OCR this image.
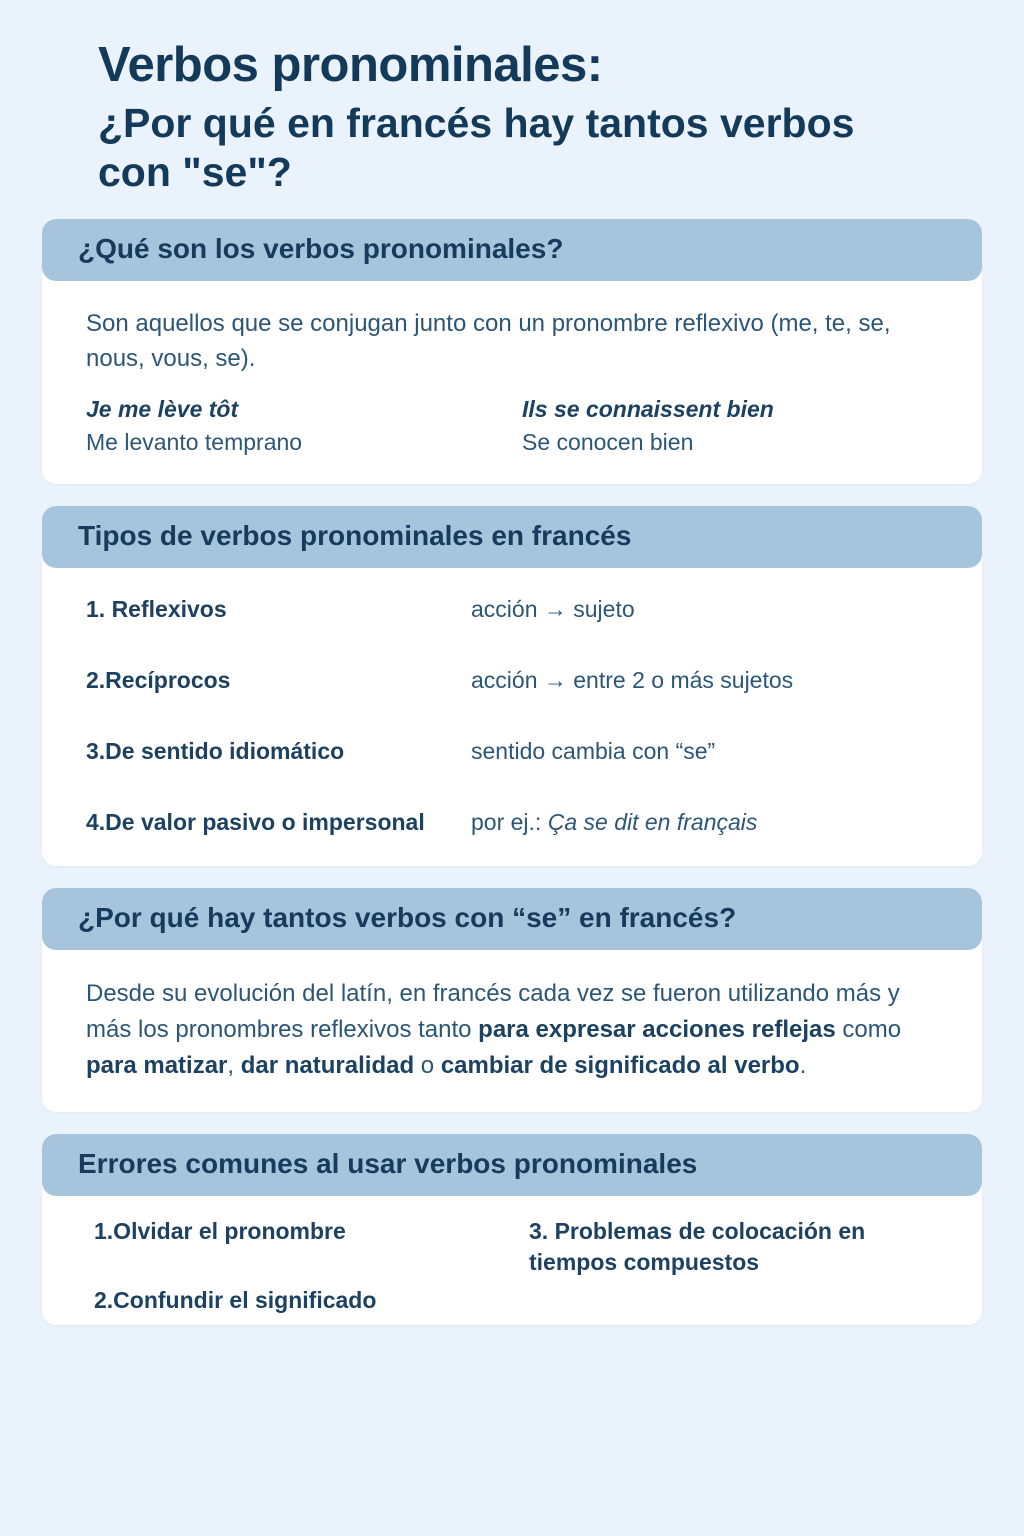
Verbos pronominales:
¿Por qué en francés hay tantos verbos con "se"?
¿Qué son los verbos pronominales?
Son aquellos que se conjugan junto con un pronombre reflexivo (me, te, se, nous, vous, se).
Je me lève tôt	Ils se connaissent bien
Me levanto temprano	Se conocen bien
Tipos de verbos pronominales en francés
1. Reflexivos	acción → sujeto
2.Recíprocos	acción → entre 2 o más sujetos
3.De sentido idiomático	sentido cambia con “se”
4.De valor pasivo o impersonal	por ej.: Ça se dit en français
¿Por qué hay tantos verbos con “se” en francés?
Desde su evolución del latín, en francés cada vez se fueron utilizando más y más los pronombres reflexivos tanto para expresar acciones reflejas como para matizar, dar naturalidad o cambiar de significado al verbo.
Errores comunes al usar verbos pronominales
1.Olvidar el pronombre	3. Problemas de colocación en tiempos compuestos
2.Confundir el significado
